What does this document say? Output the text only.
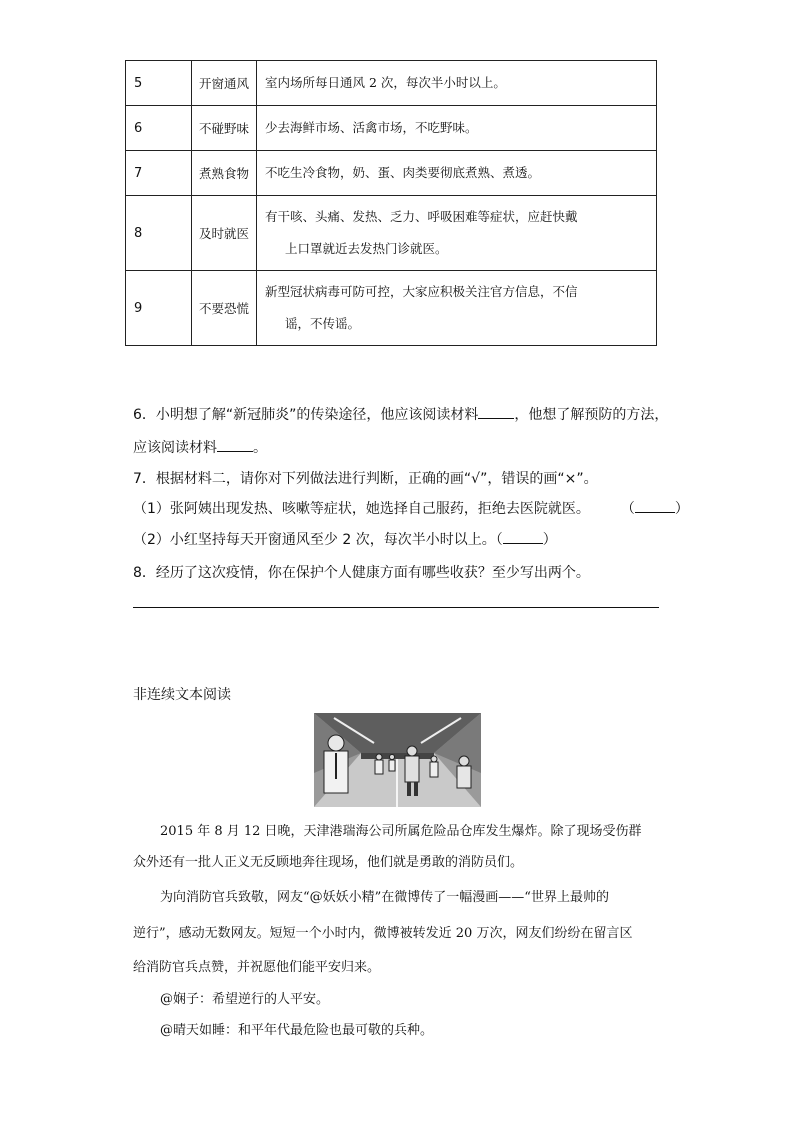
5	开窗通风	室内场所每日通风 2 次，每次半小时以上。
6	不碰野味	少去海鲜市场、活禽市场，不吃野味。
7	煮熟食物	不吃生冷食物，奶、蛋、肉类要彻底煮熟、煮透。
8	及时就医	有干咳、头痛、发热、乏力、呼吸困难等症状，应赶快戴
上口罩就近去发热门诊就医。

9	不要恐慌	新型冠状病毒可防可控，大家应积极关注官方信息，不信
谣，不传谣。
6．小明想了解“新冠肺炎”的传染途径，他应该阅读材料	，他想了解预防的方法，
应该阅读材料	。
7．根据材料二，请你对下列做法进行判断，正确的画“√”，错误的画“×”。
（1）张阿姨出现发热、咳嗽等症状，她选择自己服药，拒绝去医院就医。 （	）
（2）小红坚持每天开窗通风至少 2 次，每次半小时以上。（	）
8．经历了这次疫情，你在保护个人健康方面有哪些收获？至少写出两个。
非连续文本阅读
2015 年 8 月 12 日晚，天津港瑞海公司所属危险品仓库发生爆炸。除了现场受伤群
众外还有一批人正义无反顾地奔往现场，他们就是勇敢的消防员们。
为向消防官兵致敬，网友“@妖妖小精”在微博传了一幅漫画——“世界上最帅的
逆行”，感动无数网友。短短一个小时内，微博被转发近 20 万次，网友们纷纷在留言区
给消防官兵点赞，并祝愿他们能平安归来。
@娴子：希望逆行的人平安。
@晴天如睡：和平年代最危险也最可敬的兵种。
